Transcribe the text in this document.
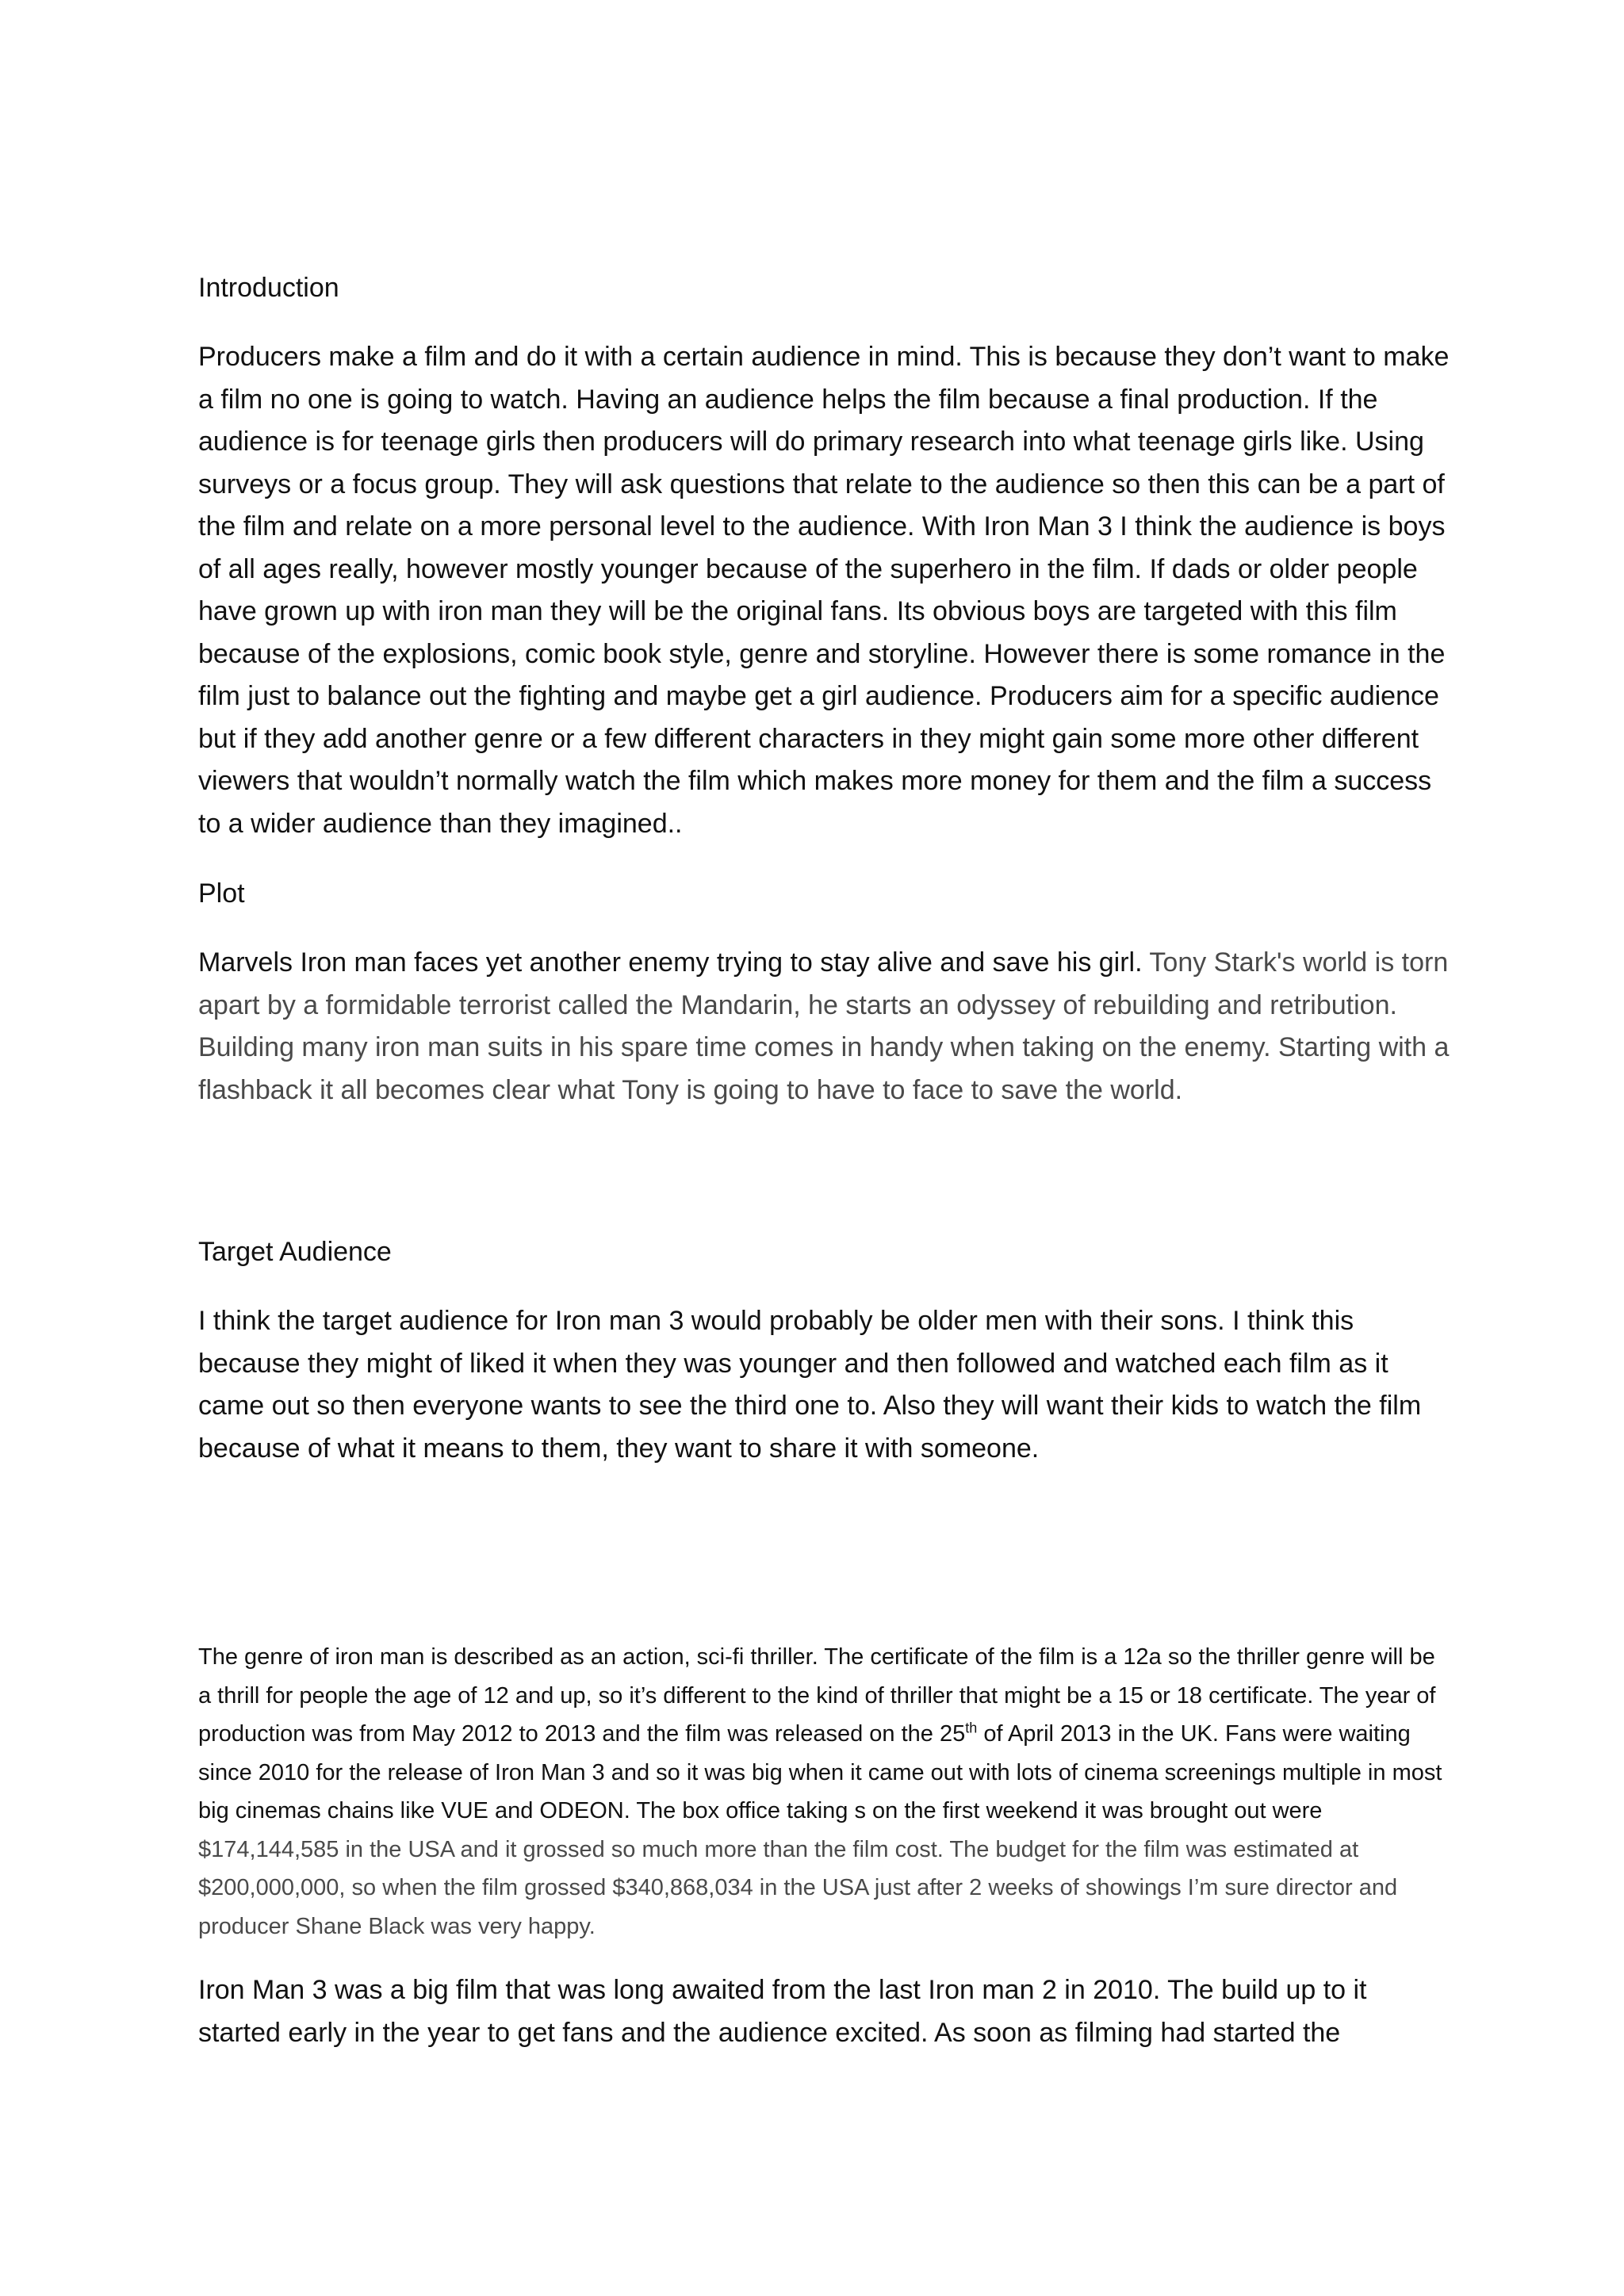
Introduction

Producers make a film and do it with a certain audience in mind. This is because they don’t want to make a film no one is going to watch. Having an audience helps the film because a final production. If the audience is for teenage girls then producers will do primary research into what teenage girls like. Using surveys or a focus group. They will ask questions that relate to the audience so then this can be a part of the film and relate on a more personal level to the audience. With Iron Man 3 I think the audience is boys of all ages really, however mostly younger because of the superhero in the film. If dads or older people have grown up with iron man they will be the original fans. Its obvious boys are targeted with this film because of the explosions, comic book style, genre and storyline. However there is some romance in the film just to balance out the fighting and maybe get a girl audience. Producers aim for a specific audience but if they add another genre or a few different characters in they might gain some more other different viewers that wouldn’t normally watch the film which makes more money for them and the film a success to a wider audience than they imagined..

Plot

Marvels Iron man faces yet another enemy trying to stay alive and save his girl. Tony Stark's world is torn apart by a formidable terrorist called the Mandarin, he starts an odyssey of rebuilding and retribution. Building many iron man suits in his spare time comes in handy when taking on the enemy. Starting with a flashback it all becomes clear what Tony is going to have to face to save the world.

Target Audience

I think the target audience for Iron man 3 would probably be older men with their sons. I think this because they might of liked it when they was younger and then followed and watched each film as it came out so then everyone wants to see the third one to. Also they will want their kids to watch the film because of what it means to them, they want to share it with someone.

The genre of iron man is described as an action, sci-fi thriller. The certificate of the film is a 12a so the thriller genre will be a thrill for people the age of 12 and up, so it’s different to the kind of thriller that might be a 15 or 18 certificate. The year of production was from May 2012 to 2013 and the film was released on the 25th of April 2013 in the UK. Fans were waiting since 2010 for the release of Iron Man 3 and so it was big when it came out with lots of cinema screenings multiple in most big cinemas chains like VUE and ODEON. The box office taking s on the first weekend it was brought out were $174,144,585 in the USA and it grossed so much more than the film cost. The budget for the film was estimated at $200,000,000, so when the film grossed $340,868,034 in the USA just after 2 weeks of showings I’m sure director and producer Shane Black was very happy.

Iron Man 3 was a big film that was long awaited from the last Iron man 2 in 2010. The build up to it started early in the year to get fans and the audience excited. As soon as filming had started the
